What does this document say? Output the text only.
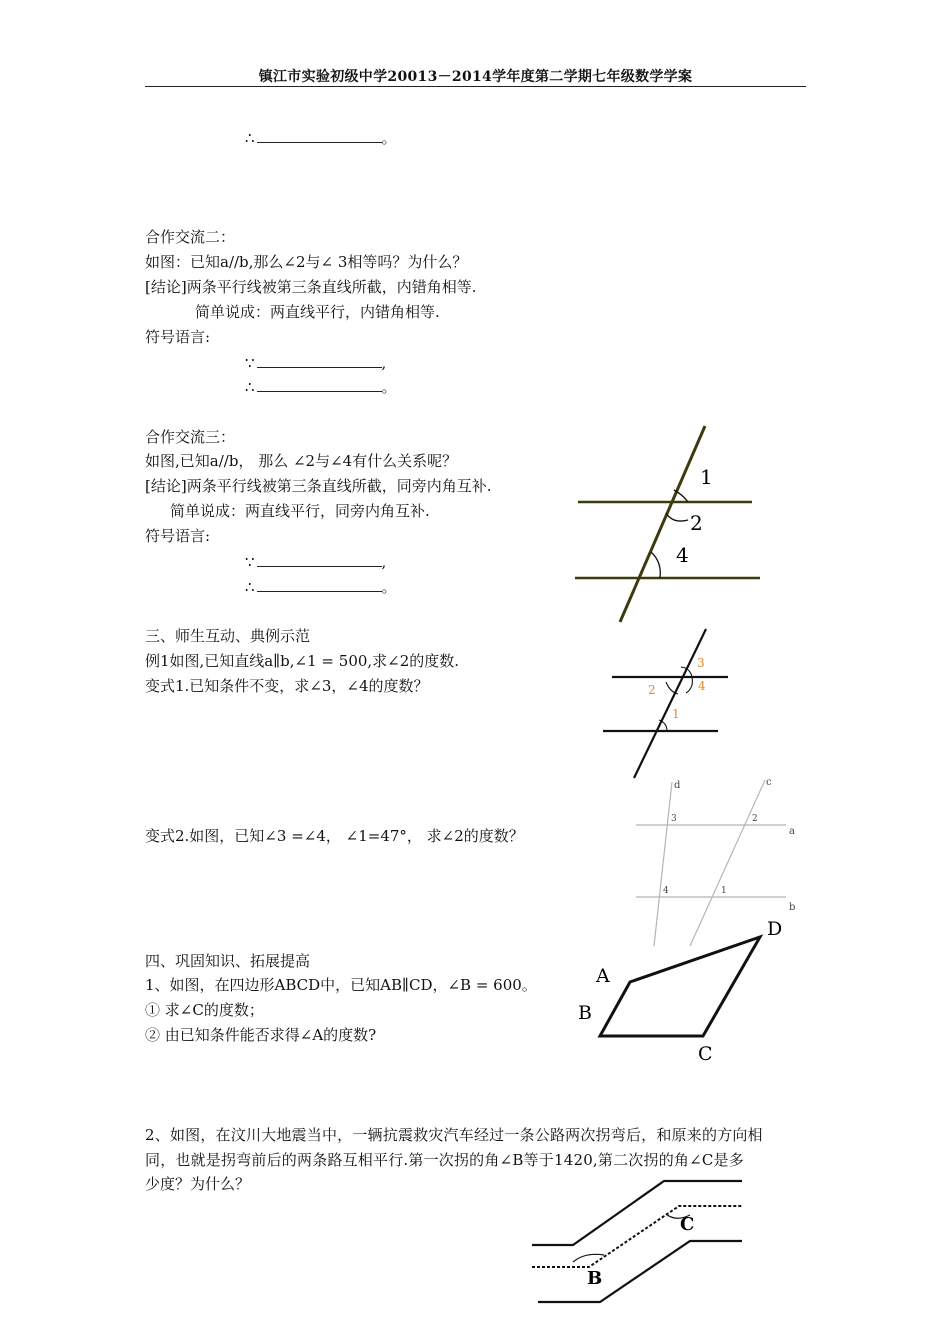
镇江市实验初级中学20013－2014学年度第二学期七年级数学学案
∴	。
合作交流二：
如图：已知a//b,那么∠2与∠ 3相等吗？为什么？
[结论]两条平行线被第三条直线所截，内错角相等.
简单说成：两直线平行，内错角相等.
符号语言:
∵	,
∴	。
合作交流三：
如图,已知a//b， 那么 ∠2与∠4有什么关系呢？
[结论]两条平行线被第三条直线所截，同旁内角互补.
简单说成：两直线平行，同旁内角互补.
符号语言:
∵	,
∴	。
三、师生互动、典例示范
例1如图,已知直线a∥b,∠1 = 500,求∠2的度数.
变式1.已知条件不变，求∠3，∠4的度数？
变式2.如图，已知∠3 =∠4， ∠1=47°， 求∠2的度数？
四、巩固知识、拓展提高
1、如图，在四边形ABCD中，已知AB∥CD，∠B = 600。
① 求∠C的度数；
② 由已知条件能否求得∠A的度数?
2、如图，在汶川大地震当中，一辆抗震救灾汽车经过一条公路两次拐弯后，和原来的方向相
同，也就是拐弯前后的两条路互相平行.第一次拐的角∠B等于1420,第二次拐的角∠C是多
少度？为什么？
1
2
4
3
4
2
1
d	c
a
b
3	2
4	1
A
B
C
D
B
C
